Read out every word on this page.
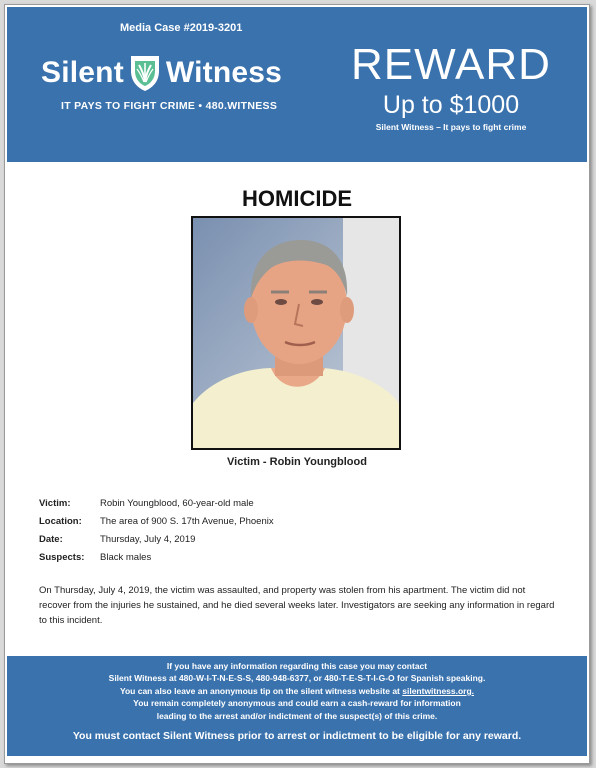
Media Case #2019-3201
Silent Witness
IT PAYS TO FIGHT CRIME • 480.WITNESS
REWARD
Up to $1000
Silent Witness – It pays to fight crime
HOMICIDE
Victim - Robin Youngblood
Victim:	Robin Youngblood, 60-year-old male
Location:	The area of 900 S. 17th Avenue, Phoenix
Date:	Thursday, July 4, 2019
Suspects:	Black males
On Thursday, July 4, 2019, the victim was assaulted, and property was stolen from his apartment. The victim did not recover from the injuries he sustained, and he died several weeks later. Investigators are seeking any information in regard to this incident.
If you have any information regarding this case you may contact
Silent Witness at 480-W-I-T-N-E-S-S, 480-948-6377, or 480-T-E-S-T-I-G-O for Spanish speaking.
You can also leave an anonymous tip on the silent witness website at silentwitness.org.
You remain completely anonymous and could earn a cash-reward for information
leading to the arrest and/or indictment of the suspect(s) of this crime.
You must contact Silent Witness prior to arrest or indictment to be eligible for any reward.
